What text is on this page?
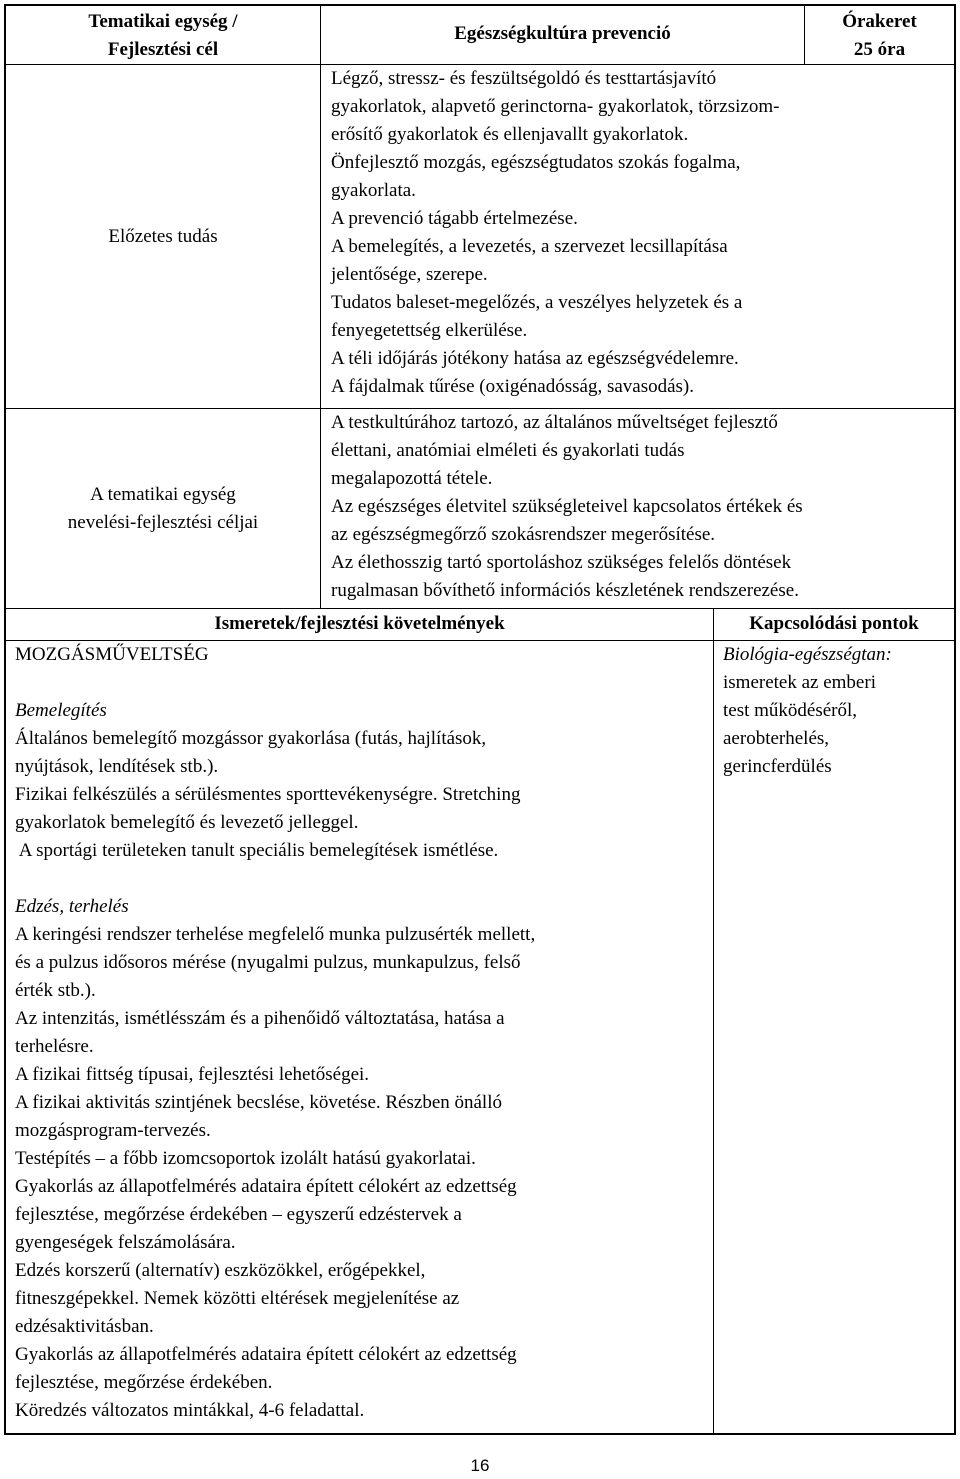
Tematikai egység /
Fejlesztési cél
Egészségkultúra prevenció
Órakeret
25 óra
Előzetes tudás
Légző, stressz- és feszültségoldó és testtartásjavító
gyakorlatok, alapvető gerinctorna- gyakorlatok, törzsizom-
erősítő gyakorlatok és ellenjavallt gyakorlatok.
Önfejlesztő mozgás, egészségtudatos szokás fogalma,
gyakorlata.
A prevenció tágabb értelmezése.
A bemelegítés, a levezetés, a szervezet lecsillapítása
jelentősége, szerepe.
Tudatos baleset-megelőzés, a veszélyes helyzetek és a
fenyegetettség elkerülése.
A téli időjárás jótékony hatása az egészségvédelemre.
A fájdalmak tűrése (oxigénadósság, savasodás).
A tematikai egység
nevelési-fejlesztési céljai
A testkultúrához tartozó, az általános műveltséget fejlesztő
élettani, anatómiai elméleti és gyakorlati tudás
megalapozottá tétele.
Az egészséges életvitel szükségleteivel kapcsolatos értékek és
az egészségmegőrző szokásrendszer megerősítése.
Az élethosszig tartó sportoláshoz szükséges felelős döntések
rugalmasan bővíthető információs készletének rendszerezése.
Ismeretek/fejlesztési követelmények	Kapcsolódási pontok
MOZGÁSMŰVELTSÉG
Bemelegítés
Általános bemelegítő mozgássor gyakorlása (futás, hajlítások,
nyújtások, lendítések stb.).
Fizikai felkészülés a sérülésmentes sporttevékenységre. Stretching
gyakorlatok bemelegítő és levezető jelleggel.
A sportági területeken tanult speciális bemelegítések ismétlése.
Edzés, terhelés
A keringési rendszer terhelése megfelelő munka pulzusérték mellett,
és a pulzus idősoros mérése (nyugalmi pulzus, munkapulzus, felső
érték stb.).
Az intenzitás, ismétlésszám és a pihenőidő változtatása, hatása a
terhelésre.
A fizikai fittség típusai, fejlesztési lehetőségei.
A fizikai aktivitás szintjének becslése, követése. Részben önálló
mozgásprogram-tervezés.
Testépítés – a főbb izomcsoportok izolált hatású gyakorlatai.
Gyakorlás az állapotfelmérés adataira épített célokért az edzettség
fejlesztése, megőrzése érdekében – egyszerű edzéstervek a
gyengeségek felszámolására.
Edzés korszerű (alternatív) eszközökkel, erőgépekkel,
fitneszgépekkel. Nemek közötti eltérések megjelenítése az
edzésaktivitásban.
Gyakorlás az állapotfelmérés adataira épített célokért az edzettség
fejlesztése, megőrzése érdekében.
Köredzés változatos mintákkal, 4-6 feladattal.
Biológia-egészségtan:
ismeretek az emberi
test működéséről,
aerobterhelés,
gerincferdülés
16
